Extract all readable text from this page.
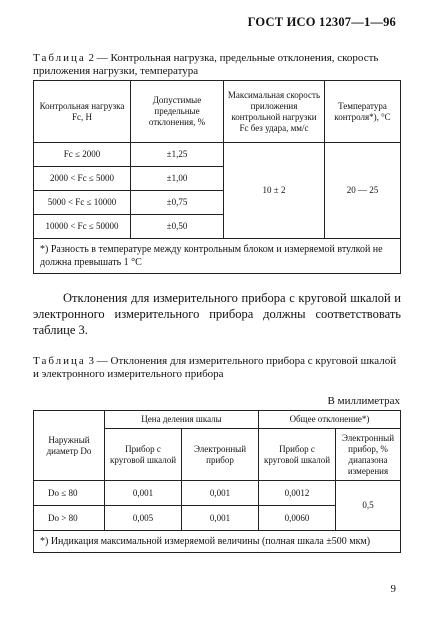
ГОСТ ИСО 12307—1—96
Таблица 2 — Контрольная нагрузка, предельные отклонения, скорость приложения нагрузки, температура
Контрольная нагрузка Fc, Н	Допустимые предельные отклонения, %	Максимальная скорость приложения контрольной нагрузки Fc без удара, мм/с	Температура контроля*), °С
Fc ≤ 2000	±1,25	10 ± 2	20 — 25
2000 < Fc ≤ 5000	±1,00		
5000 < Fc ≤ 10000	±0,75		
10000 < Fc ≤ 50000	±0,50		
*) Разность в температуре между контрольным блоком и измеряемой втулкой не должна превышать 1 °С			
Отклонения для измерительного прибора с круговой шкалой и электронного измерительного прибора должны соответствовать таблице 3.
Таблица 3 — Отклонения для измерительного прибора с круговой шкалой и электронного измерительного прибора
В миллиметрах
Наружный диаметр Do	Цена деления шкалы		Общее отклонение*)	
	Прибор с круговой шкалой	Электронный прибор	Прибор с круговой шкалой	Электронный прибор, % диапазона измерения
Do ≤ 80	0,001	0,001	0,0012	0,5
Do > 80	0,005	0,001	0,0060	
*) Индикация максимальной измеряемой величины (полная шкала ±500 мкм)				
9
